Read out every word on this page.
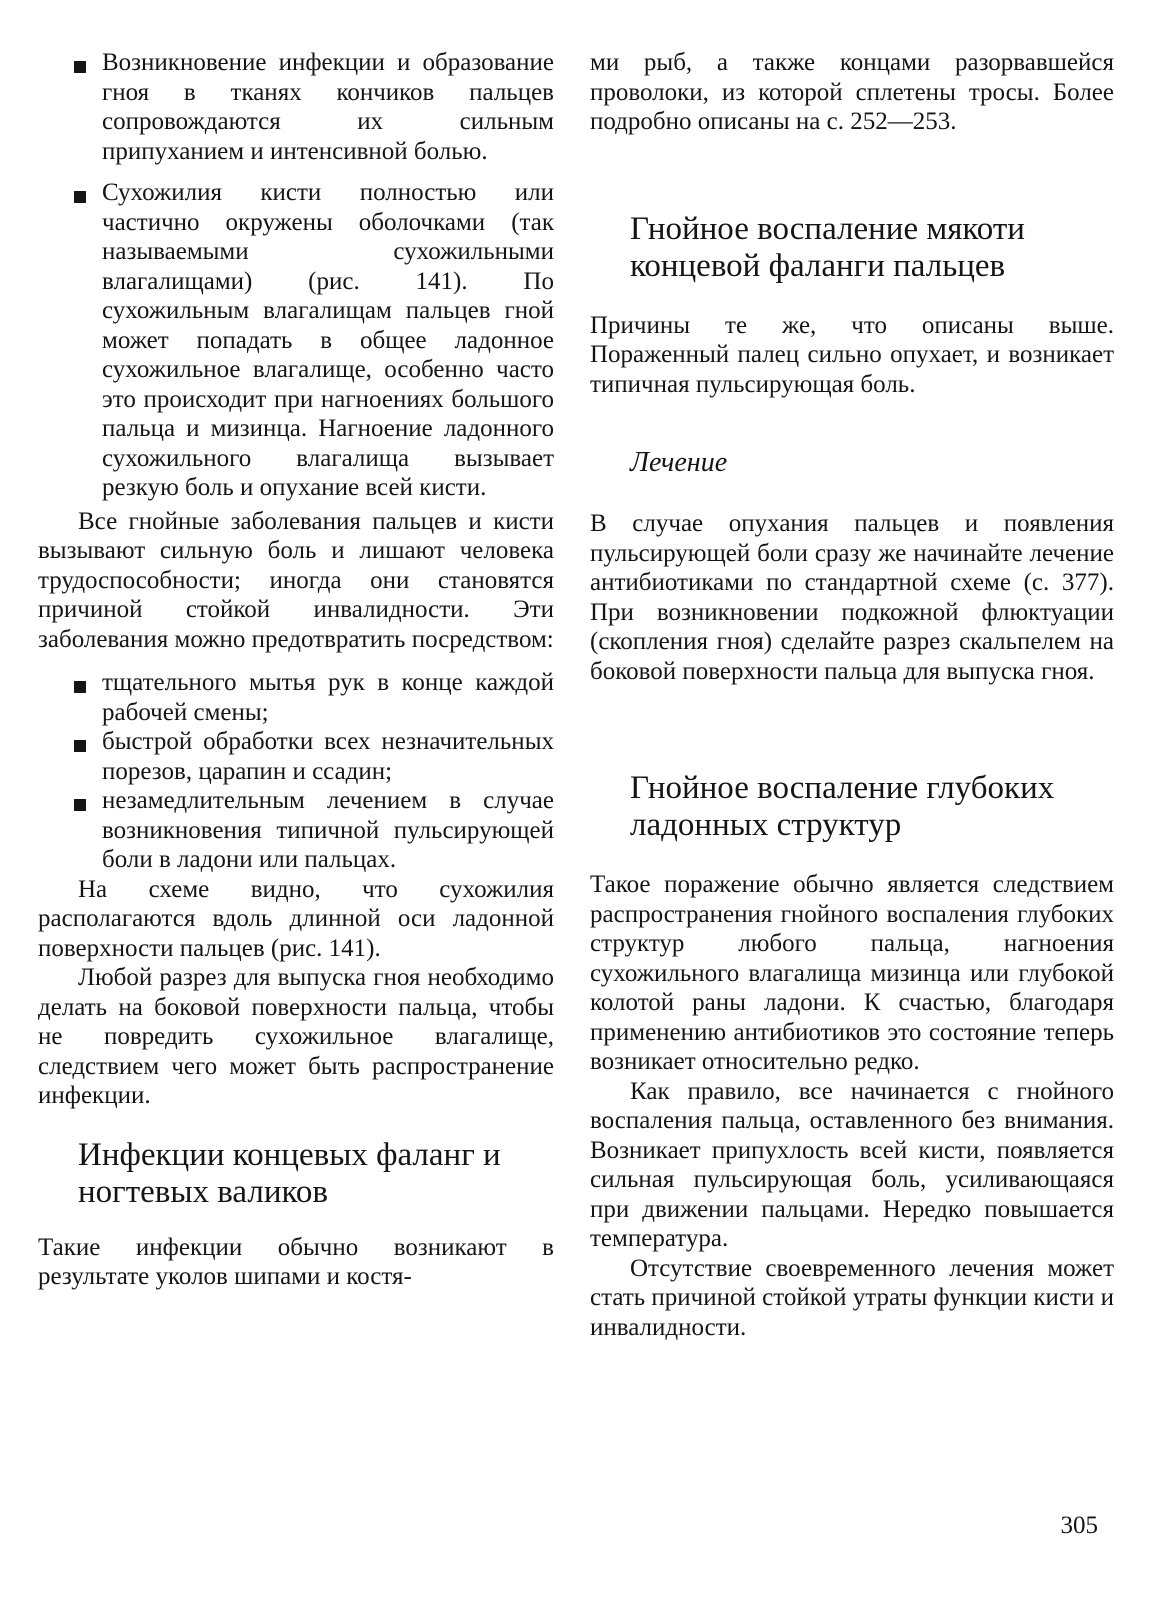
Возникновение инфекции и образование гноя в тканях кончиков пальцев сопровождаются их сильным припуханием и интенсивной болью.
Сухожилия кисти полностью или частично окружены оболочками (так называемыми сухожильными влагалищами) (рис. 141). По сухожильным влагалищам пальцев гной может попадать в общее ладонное сухожильное влагалище, особенно часто это происходит при нагноениях большого пальца и мизинца. Нагноение ладонного сухожильного влагалища вызывает резкую боль и опухание всей кисти.

Все гнойные заболевания пальцев и кисти вызывают сильную боль и лишают человека трудоспособности; иногда они становятся причиной стойкой инвалидности. Эти заболевания можно предотвратить посредством:

тщательного мытья рук в конце каждой рабочей смены;
быстрой обработки всех незначительных порезов, царапин и ссадин;
незамедлительным лечением в случае возникновения типичной пульсирующей боли в ладони или пальцах.

На схеме видно, что сухожилия располагаются вдоль длинной оси ладонной поверхности пальцев (рис. 141).

Любой разрез для выпуска гноя необходимо делать на боковой поверхности пальца, чтобы не повредить сухожильное влагалище, следствием чего может быть распространение инфекции.

Инфекции концевых фаланг и ногтевых валиков

Такие инфекции обычно возникают в результате уколов шипами и костя-

ми рыб, а также концами разорвавшейся проволоки, из которой сплетены тросы. Более подробно описаны на с. 252—253.

Гнойное воспаление мякоти концевой фаланги пальцев

Причины те же, что описаны выше. Пораженный палец сильно опухает, и возникает типичная пульсирующая боль.

Лечение

В случае опухания пальцев и появления пульсирующей боли сразу же начинайте лечение антибиотиками по стандартной схеме (с. 377). При возникновении подкожной флюктуации (скопления гноя) сделайте разрез скальпелем на боковой поверхности пальца для выпуска гноя.

Гнойное воспаление глубоких ладонных структур

Такое поражение обычно является следствием распространения гнойного воспаления глубоких структур любого пальца, нагноения сухожильного влагалища мизинца или глубокой колотой раны ладони. К счастью, благодаря применению антибиотиков это состояние теперь возникает относительно редко.

Как правило, все начинается с гнойного воспаления пальца, оставленного без внимания. Возникает припухлость всей кисти, появляется сильная пульсирующая боль, усиливающаяся при движении пальцами. Нередко повышается температура.

Отсутствие своевременного лечения может стать причиной стойкой утраты функции кисти и инвалидности.

305
